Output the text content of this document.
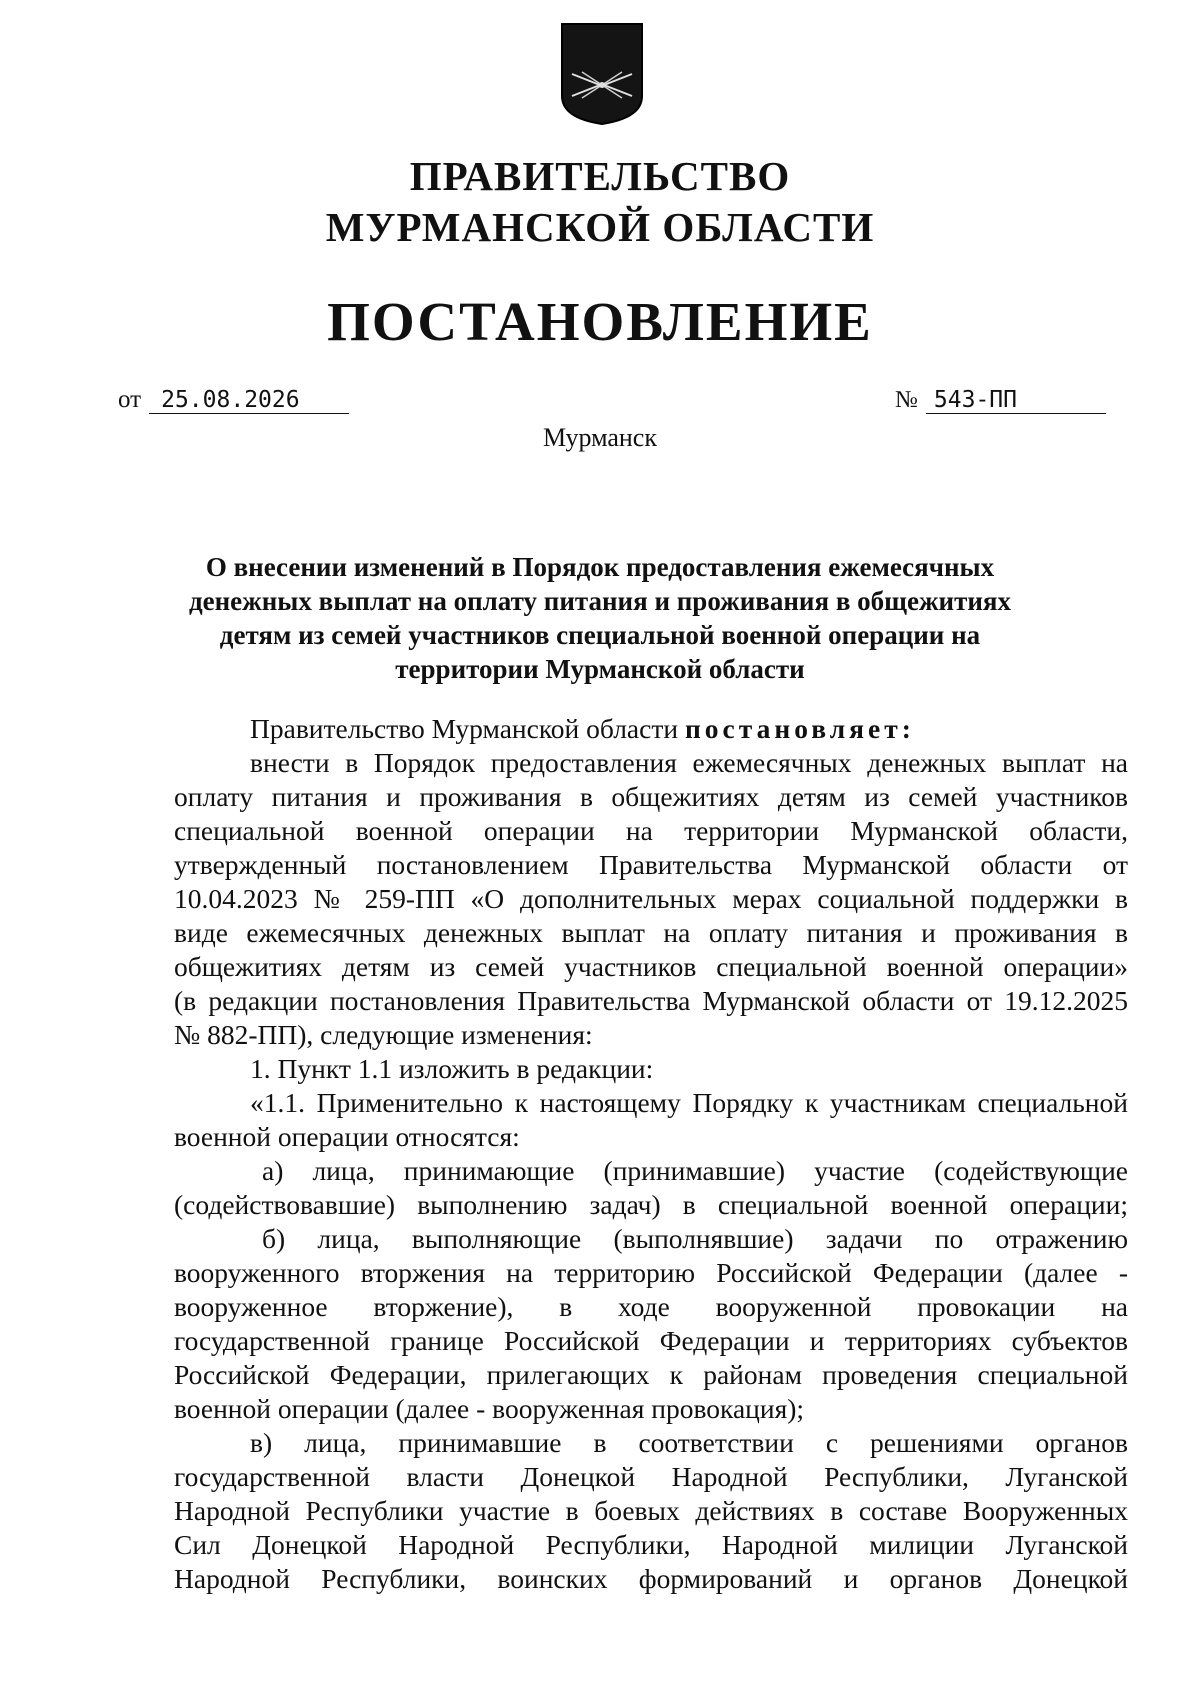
ПРАВИТЕЛЬСТВО
МУРМАНСКОЙ ОБЛАСТИ
ПОСТАНОВЛЕНИЕ
от 25.08.2026	№ 543-ПП
Мурманск
О внесении изменений в Порядок предоставления ежемесячных
денежных выплат на оплату питания и проживания в общежитиях
детям из семей участников специальной военной операции на
территории Мурманской области
Правительство Мурманской области постановляет:
внести в Порядок предоставления ежемесячных денежных выплат на
оплату питания и проживания в общежитиях детям из семей участников
специальной военной операции на территории Мурманской области,
утвержденный постановлением Правительства Мурманской области от
10.04.2023 № 259-ПП «О дополнительных мерах социальной поддержки в
виде ежемесячных денежных выплат на оплату питания и проживания в
общежитиях детям из семей участников специальной военной операции»
(в редакции постановления Правительства Мурманской области от 19.12.2025
№ 882-ПП), следующие изменения:
1. Пункт 1.1 изложить в редакции:
«1.1. Применительно к настоящему Порядку к участникам специальной
военной операции относятся:
а) лица, принимающие (принимавшие) участие (содействующие
(содействовавшие) выполнению задач) в специальной военной операции;
б) лица, выполняющие (выполнявшие) задачи по отражению
вооруженного вторжения на территорию Российской Федерации (далее -
вооруженное вторжение), в ходе вооруженной провокации на
государственной границе Российской Федерации и территориях субъектов
Российской Федерации, прилегающих к районам проведения специальной
военной операции (далее - вооруженная провокация);
в) лица, принимавшие в соответствии с решениями органов
государственной власти Донецкой Народной Республики, Луганской
Народной Республики участие в боевых действиях в составе Вооруженных
Сил Донецкой Народной Республики, Народной милиции Луганской
Народной Республики, воинских формирований и органов Донецкой
